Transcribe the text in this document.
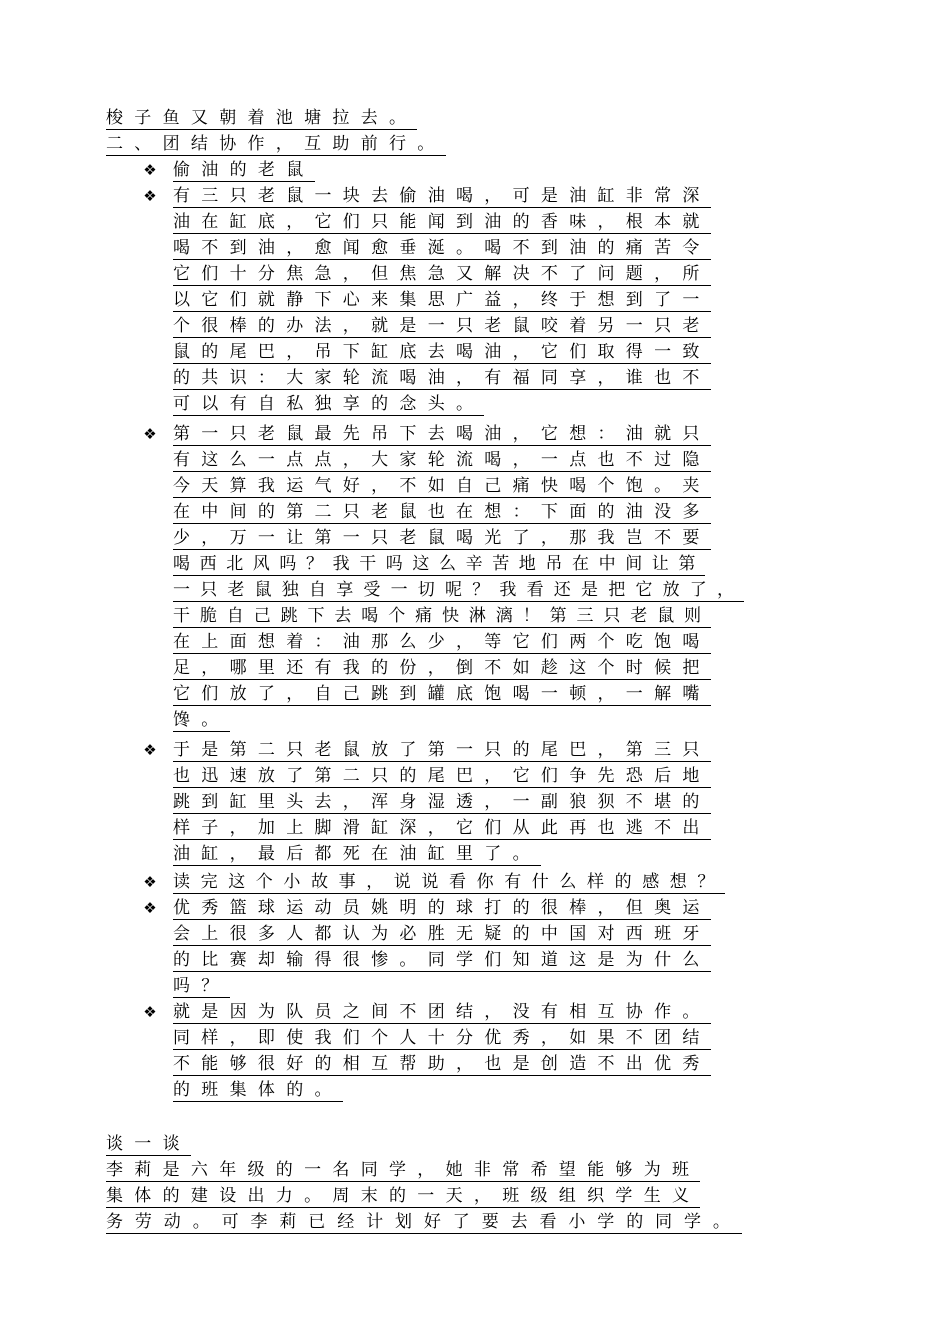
梭子鱼又朝着池塘拉去。
二、团结协作，互助前行。
❖ 偷油的老鼠
❖ 有三只老鼠一块去偷油喝，可是油缸非常深
油在缸底，它们只能闻到油的香味，根本就
喝不到油，愈闻愈垂涎。喝不到油的痛苦令
它们十分焦急，但焦急又解决不了问题，所
以它们就静下心来集思广益，终于想到了一
个很棒的办法，就是一只老鼠咬着另一只老
鼠的尾巴，吊下缸底去喝油，它们取得一致
的共识：大家轮流喝油，有福同享，谁也不
可以有自私独享的念头。
❖ 第一只老鼠最先吊下去喝油，它想：油就只
有这么一点点，大家轮流喝，一点也不过隐
今天算我运气好，不如自己痛快喝个饱。夹
在中间的第二只老鼠也在想：下面的油没多
少，万一让第一只老鼠喝光了，那我岂不要
喝西北风吗？我干吗这么辛苦地吊在中间让第
一只老鼠独自享受一切呢？我看还是把它放了，
干脆自己跳下去喝个痛快淋漓！第三只老鼠则
在上面想着：油那么少，等它们两个吃饱喝
足，哪里还有我的份，倒不如趁这个时候把
它们放了，自己跳到罐底饱喝一顿，一解嘴
馋。
❖ 于是第二只老鼠放了第一只的尾巴，第三只
也迅速放了第二只的尾巴，它们争先恐后地
跳到缸里头去，浑身湿透，一副狼狈不堪的
样子，加上脚滑缸深，它们从此再也逃不出
油缸，最后都死在油缸里了。
❖ 读完这个小故事，说说看你有什么样的感想？
❖ 优秀篮球运动员姚明的球打的很棒，但奥运
会上很多人都认为必胜无疑的中国对西班牙
的比赛却输得很惨。同学们知道这是为什么
吗？
❖ 就是因为队员之间不团结，没有相互协作。
同样，即使我们个人十分优秀，如果不团结
不能够很好的相互帮助，也是创造不出优秀
的班集体的。
谈一谈
李莉是六年级的一名同学，她非常希望能够为班
集体的建设出力。周末的一天，班级组织学生义
务劳动。可李莉已经计划好了要去看小学的同学。
